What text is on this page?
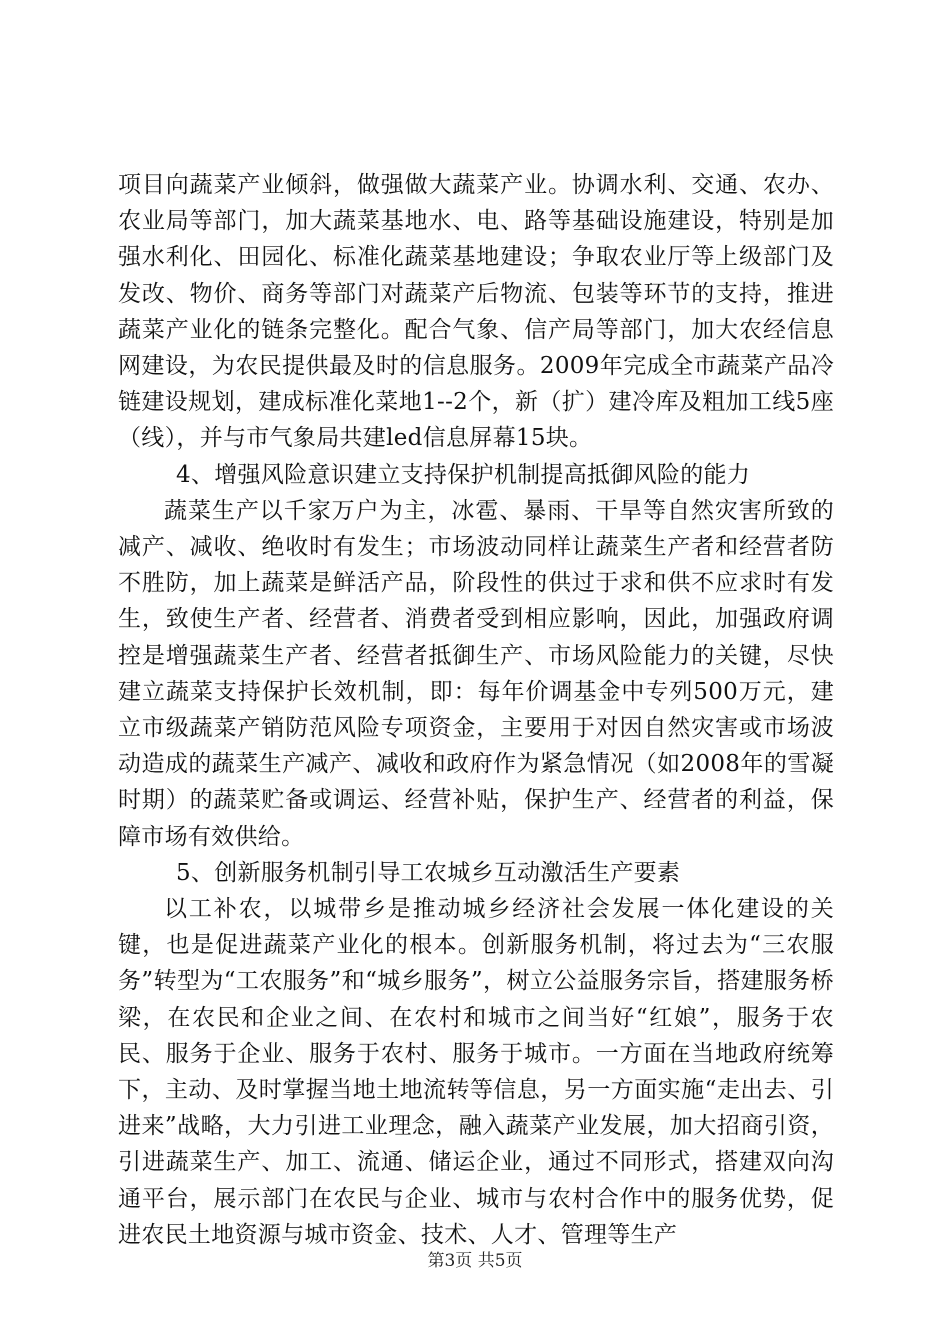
项目向蔬菜产业倾斜，做强做大蔬菜产业。协调水利、交通、农办、农业局等部门，加大蔬菜基地水、电、路等基础设施建设，特别是加强水利化、田园化、标准化蔬菜基地建设；争取农业厅等上级部门及发改、物价、商务等部门对蔬菜产后物流、包装等环节的支持，推进蔬菜产业化的链条完整化。配合气象、信产局等部门，加大农经信息网建设，为农民提供最及时的信息服务。2009年完成全市蔬菜产品冷链建设规划，建成标准化菜地1--2个，新（扩）建冷库及粗加工线5座（线），并与市气象局共建led信息屏幕15块。

4、增强风险意识建立支持保护机制提高抵御风险的能力

蔬菜生产以千家万户为主，冰雹、暴雨、干旱等自然灾害所致的减产、减收、绝收时有发生；市场波动同样让蔬菜生产者和经营者防不胜防，加上蔬菜是鲜活产品，阶段性的供过于求和供不应求时有发生，致使生产者、经营者、消费者受到相应影响，因此，加强政府调控是增强蔬菜生产者、经营者抵御生产、市场风险能力的关键，尽快建立蔬菜支持保护长效机制，即：每年价调基金中专列500万元，建立市级蔬菜产销防范风险专项资金，主要用于对因自然灾害或市场波动造成的蔬菜生产减产、减收和政府作为紧急情况（如2008年的雪凝时期）的蔬菜贮备或调运、经营补贴，保护生产、经营者的利益，保障市场有效供给。

5、创新服务机制引导工农城乡互动激活生产要素

以工补农，以城带乡是推动城乡经济社会发展一体化建设的关键，也是促进蔬菜产业化的根本。创新服务机制，将过去为“三农服务”转型为“工农服务”和“城乡服务”，树立公益服务宗旨，搭建服务桥梁，在农民和企业之间、在农村和城市之间当好“红娘”，服务于农民、服务于企业、服务于农村、服务于城市。一方面在当地政府统筹下，主动、及时掌握当地土地流转等信息，另一方面实施“走出去、引进来”战略，大力引进工业理念，融入蔬菜产业发展，加大招商引资，引进蔬菜生产、加工、流通、储运企业，通过不同形式，搭建双向沟通平台，展示部门在农民与企业、城市与农村合作中的服务优势，促进农民土地资源与城市资金、技术、人才、管理等生产

第3页 共5页
